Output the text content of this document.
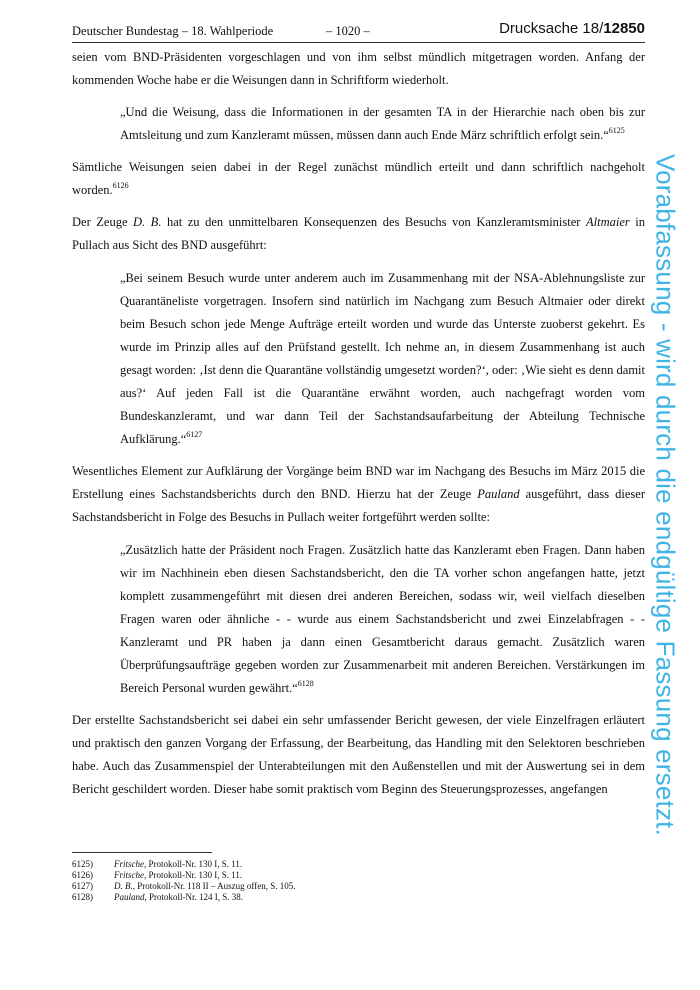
Deutscher Bundestag – 18. Wahlperiode	– 1020 –	Drucksache 18/12850

seien vom BND-Präsidenten vorgeschlagen und von ihm selbst mündlich mitgetragen worden. Anfang der kommenden Woche habe er die Weisungen dann in Schriftform wiederholt.

„Und die Weisung, dass die Informationen in der gesamten TA in der Hierarchie nach oben bis zur Amtsleitung und zum Kanzleramt müssen, müssen dann auch Ende März schriftlich erfolgt sein.“$^{6125}$

Sämtliche Weisungen seien dabei in der Regel zunächst mündlich erteilt und dann schriftlich nachgeholt worden.$^{6126}$

Der Zeuge D. B. hat zu den unmittelbaren Konsequenzen des Besuchs von Kanzleramtsminister Altmaier in Pullach aus Sicht des BND ausgeführt:

„Bei seinem Besuch wurde unter anderem auch im Zusammenhang mit der NSA-Ablehnungsliste zur Quarantäneliste vorgetragen. Insofern sind natürlich im Nachgang zum Besuch Altmaier oder direkt beim Besuch schon jede Menge Aufträge erteilt worden und wurde das Unterste zuoberst gekehrt. Es wurde im Prinzip alles auf den Prüfstand gestellt. Ich nehme an, in diesem Zusammenhang ist auch gesagt worden: ‚Ist denn die Quarantäne vollständig umgesetzt worden?‘, oder: ‚Wie sieht es denn damit aus?‘ Auf jeden Fall ist die Quarantäne erwähnt worden, auch nachgefragt worden vom Bundeskanzleramt, und war dann Teil der Sachstandsaufarbeitung der Abteilung Technische Aufklärung.“$^{6127}$

Wesentliches Element zur Aufklärung der Vorgänge beim BND war im Nachgang des Besuchs im März 2015 die Erstellung eines Sachstandsberichts durch den BND. Hierzu hat der Zeuge Pauland ausgeführt, dass dieser Sachstandsbericht in Folge des Besuchs in Pullach weiter fortgeführt werden sollte:

„Zusätzlich hatte der Präsident noch Fragen. Zusätzlich hatte das Kanzleramt eben Fragen. Dann haben wir im Nachhinein eben diesen Sachstandsbericht, den die TA vorher schon angefangen hatte, jetzt komplett zusammengeführt mit diesen drei anderen Bereichen, sodass wir, weil vielfach dieselben Fragen waren oder ähnliche - - wurde aus einem Sachstandsbericht und zwei Einzelabfragen - - Kanzleramt und PR haben ja dann einen Gesamtbericht daraus gemacht. Zusätzlich waren Überprüfungsaufträge gegeben worden zur Zusammenarbeit mit anderen Bereichen. Verstärkungen im Bereich Personal wurden gewährt.“$^{6128}$

Der erstellte Sachstandsbericht sei dabei ein sehr umfassender Bericht gewesen, der viele Einzelfragen erläutert und praktisch den ganzen Vorgang der Erfassung, der Bearbeitung, das Handling mit den Selektoren beschrieben habe. Auch das Zusammenspiel der Unterabteilungen mit den Außenstellen und mit der Auswertung sei in dem Bericht geschildert worden. Dieser habe somit praktisch vom Beginn des Steuerungsprozesses, angefangen

6125)	Fritsche, Protokoll-Nr. 130 I, S. 11.
6126)	Fritsche, Protokoll-Nr. 130 I, S. 11.
6127)	D. B., Protokoll-Nr. 118 II – Auszug offen, S. 105.
6128)	Pauland, Protokoll-Nr. 124 I, S. 38.
Vorabfassung - wird durch die endgültige Fassung ersetzt.
